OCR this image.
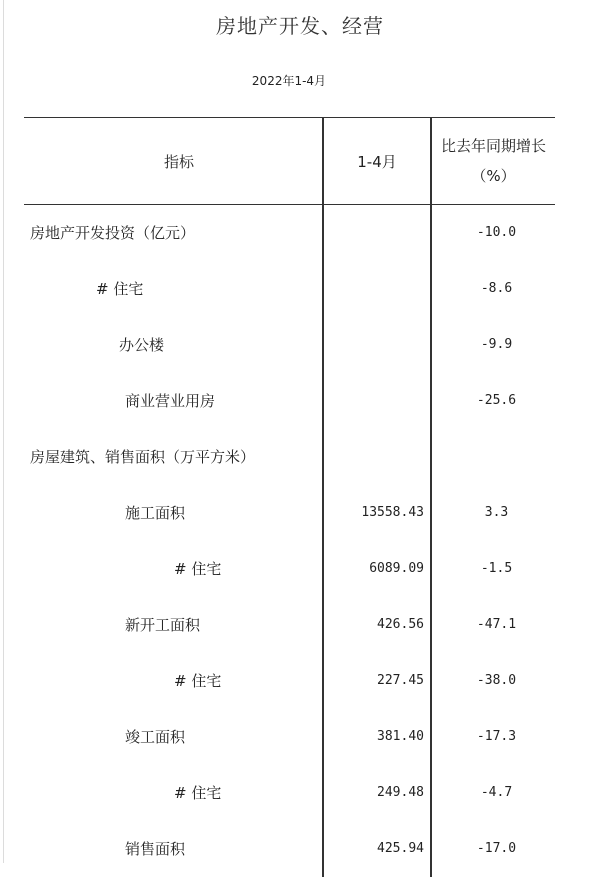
房地产开发、经营
2022年1-4月
指标	1-4月	比去年同期增长（%）
房地产开发投资（亿元）		-10.0
# 住宅		-8.6
办公楼		-9.9
商业营业用房		-25.6
房屋建筑、销售面积（万平方米）		
施工面积	13558.43	3.3
# 住宅	6089.09	-1.5
新开工面积	426.56	-47.1
# 住宅	227.45	-38.0
竣工面积	381.40	-17.3
# 住宅	249.48	-4.7
销售面积	425.94	-17.0
